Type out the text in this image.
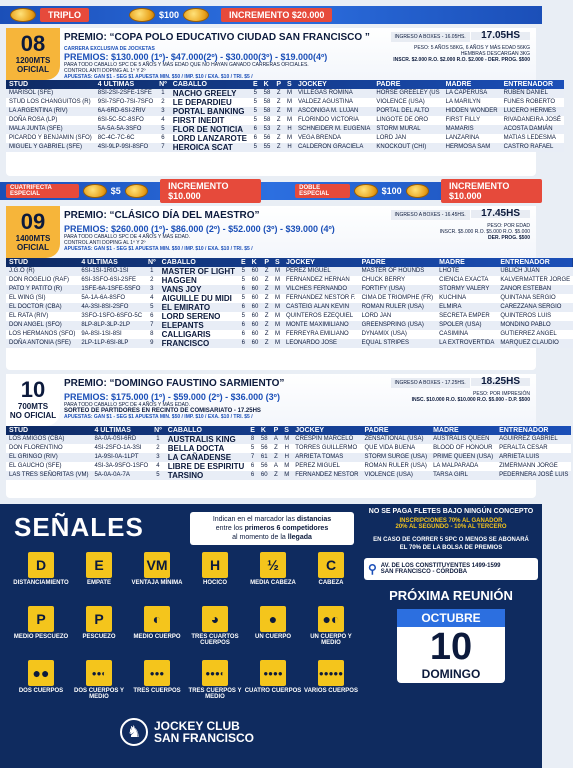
TRIPLO	$100	INCREMENTO $20.000
08
1200MTS
OFICIAL
PREMIO: “COPA POLO EDUCATIVO CIUDAD SAN FRANCISCO ”
CARRERA EXCLUSIVA DE JOCKETAS
PREMIOS: $130.000 (1º)- $47.000(2º) - $30.000(3º) - $19.000(4º)
PARA TODO CABALLO SPC DE 5 AÑOS Y MÁS EDAD QUE NO HAYAN GANADO CARRERAS OFICIALES.
CONTROL ANTI DOPING AL 1º Y 2º
APUESTAS: GAN $1 - SEG $1 APUESTA MIN. $50 / IMP. $10 / EXA. $10 / TRI. $5 /
INGRESO A BOXES - 16.05HS. 17.05HS
PESO: 5 AÑOS 58KG, 6 AÑOS Y MÁS EDAD 56KG
HEMBRAS DESCARGAN 3KG
INSCR. $2.000 R.O. $2.000 R.O. $2.000 - DER. PROG. $500
STUD	4 ULTIMAS	Nº	CABALLO	E	K	P	S	JOCKEY	PADRE	MADRE	ENTRENADOR
MARISOL (SFE)	8SI-2SI-2SFE-1SFE	1	NACHO GREELY	5	58	Z	M	VILLEGAS ROMINA	HORSE GREELEY (US	LA CAPERUSA	RUBEN DANIEL
STUD LOS CHANGUITOS (R)	9SI-7SFO-7SI-7SFO	2	LE DEPARDIEU	5	58	Z	M	VALDEZ AGUSTINA	VIOLENCE (USA)	LA MARILYN	FUNES ROBERTO
LA ARGENTINA (RIV)	6A-6RD-6SI-2RIV	3	PORTAL BANKING	5	58	Z	M	ASCONIGA M. LUJAN	PORTAL DEL ALTO	HIDDEN WONDER	LUCERO HERMES
DOÑA ROSA (LP)	6SI-5C-5C-8SFO	4	FIRST INEDIT	5	58	Z	M	FLORINDO VICTORIA	LINGOTE DE ORO	FIRST FILLY	RIVADANEIRA JOSÉ
MALA JUNTA (SFE)	5A-5A-5A-3SFO	5	FLOR DE NOTICIA	6	53	Z	H	SCHNEIDER M. EUGENIA	STORM MURAL	MAMARIS	ACOSTA DAMIÁN
PICARDO Y BENJAMIN (SFO)	8C-4C-7C-6C	6	LORD LANZAROTE	6	56	Z	M	VEGA BRENDA	LORD JAN	LANZARINA	MATIAS LEDESMA
MIGUEL Y GABRIEL (SFE)	4SI-9LP-9SI-8SFO	7	HEROICA SCAT	5	55	Z	H	CALDERON GRACIELA	KNOCKOUT (CHI)	HERMOSA SAM	CASTRO RAFAEL
CUATRIFECTA ESPECIAL	$5	INCREMENTO $10.000
DOBLE ESPECIAL	$100	INCREMENTO $10.000
09
1400MTS
OFICIAL
PREMIO: “CLÁSICO DÍA DEL MAESTRO”
PREMIOS: $260.000 (1º)- $86.000 (2º) - $52.000 (3º) - $39.000 (4º)
PARA TODO CABALLO SPC DE 4 AÑOS Y MÁS EDAD.
CONTROL ANTI DOPING AL 1º Y 2º
APUESTAS: GAN $1 - SEG $1 APUESTA MIN. $50 / IMP. $10 / EXA. $10 / TRI. $5 /
INGRESO A BOXES - 16.45HS. 17.45HS
PESO: POR EDAD
INSCR. $5.000 R.O. $5.000 R.O. $5.000
DER. PROG. $500
STUD	4 ULTIMAS	Nº	CABALLO	E	K	P	S	JOCKEY	PADRE	MADRE	ENTRENADOR
J.G.O (R)	6SI-1SI-1RIO-1SI	1	MASTER OF LIGHT	5	60	Z	M	PEREZ MIGUEL	MASTER OF HOUNDS	LHOTE	UBLICH JUAN
DON ROGELIO (RAF)	6SI-3SFO-6SI-2SFE	2	HAGGEN	5	60	Z	M	FERNANDEZ HERNAN	CHUCK BERRY	CIENCIA EXACTA	KALVERMATTER JORGE
PATO Y PATITO (R)	1SFE-6A-1SFE-5SFO	3	VANS JOY	6	60	Z	M	VILCHES FERNANDO	FORTIFY (USA)	STORMY VALERY	ZANOR ESTEBAN
EL WING (SI)	5A-1A-6A-8SFO	4	AIGUILLE DU MIDI	5	60	Z	M	FERNANDEZ NESTOR F.	CIMA DE TRIOMPHE (FR)	KUCHINA	QUINTANA SERGIO
EL DOCTOR (CBA)	4A-3SI-8SI-2SFO	5	EL EMIRATO	6	60	Z	M	CASTEIG ALAN KEVIN	ROMAN RULER (USA)	ELMIRA	CAREZZANA SERGIO
EL RATA (RIV)	3SFO-1SFO-6SFO-5C	6	LORD SERENO	5	60	Z	M	QUINTEROS EZEQUIEL	LORD JAN	SECRETA EMPER	QUINTEROS LUIS
DON ANGEL (SFO)	8LP-8LP-3LP-2LP	7	ELEPANTS	6	60	Z	M	MONTE MAXIMILIANO	GREENSPRING (USA)	SPOLER (USA)	MONDINO PABLO
LOS HERMANOS (SFO)	9A-8SI-1SI-8SI	8	CALLIGARIS	6	60	Z	M	FERREYRA EMILIANO	DYNAMIX (USA)	CASIMINA	GUTIERREZ ANGEL
DOÑA ANTONIA (SFE)	2LP-1LP-6SI-8LP	9	FRANCISCO	6	60	Z	M	LEONARDO JOSE	EQUAL STRIPES	LA EXTROVERTIDA	MARQUEZ CLAUDIO
10
700MTS
NO OFICIAL
PREMIO: “DOMINGO FAUSTINO SARMIENTO”
PREMIOS: $175.000 (1º) - $59.000 (2º) - $36.000 (3º)
PARA TODO CABALLO SPC DE 4 AÑOS Y MÁS EDAD.
SORTEO DE PARTIDORES EN RECINTO DE COMISARIATO - 17.25HS
APUESTAS: GAN $1 - SEG $1 APUESTA MIN. $50 / IMP. $10 / EXA. $10 / TRI. $5 /
INGRESO A BOXES - 17.25HS. 18.25HS
PESO: POR IMPRESIÓN
INSC. $10.000 R.O. $10.000 R.O. $5.000 - D.P. $500
STUD	4 ULTIMAS	Nº	CABALLO	E	K	P	S	JOCKEY	PADRE	MADRE	ENTRENADOR
LOS AMIGOS (CBA)	8A-0A-0SI-6RD	1	AUSTRALIS KING	8	58	A	M	CRESPIN MARCELO	ZENSATIONAL (USA)	AUSTRALIS QUEEN	AGUIRREZ GABRIEL
DON FLORENTINO	4SI-2SFO-1A-3SI	2	BELLA DOCTA	5	56	Z	H	TORRES GUILLERMO	QUE VIDA BUENA	BLOOD OF HONOUR	PERALTA CESAR
EL GRINGO (RIV)	1A-9SI-0A-1LPT	3	LA CAÑADENSE	7	61	Z	H	ARRIETA TOMAS	STORM SURGE (USA)	PRIME QUEEN (USA)	ARRIETA LUIS
EL GAUCHO (SFE)	4SI-3A-9SFO-1SFO	4	LIBRE DE ESPIRITU	6	56	A	M	PEREZ MIGUEL	ROMAN RULER (USA)	LA MALPARADA	ZIMERMANN JORGE
LAS TRES SEÑORITAS (VM)	5A-0A-0A-7A	5	TARSINO	6	60	Z	M	FERNANDEZ NESTOR	VIOLENCE (USA)	TARSA GIRL	PEDERNERA JOSÉ LUIS
SEÑALES	Indican en el marcador las distancias
entre los primeros 6 competidores
al momento de la llegada
D
DISTANCIAMIENTO
E
EMPATE
VM
VENTAJA MÍNIMA
H
HOCICO
½
MEDIA CABEZA
C
CABEZA
P
MEDIO PESCUEZO
P
PESCUEZO
◐
MEDIO CUERPO
◕
TRES CUARTOS CUERPOS
●
UN CUERPO
●◐
UN CUERPO Y MEDIO
●●
DOS CUERPOS
●●◐
DOS CUERPOS Y MEDIO
●●●
TRES CUERPOS
●●●◐
TRES CUERPOS Y MEDIO
●●●●
CUATRO CUERPOS
●●●●●
VARIOS CUERPOS
♞	JOCKEY CLUB
SAN FRANCISCO
NO SE PAGA FLETES BAJO NINGÚN CONCEPTO
INSCRIPCIONES 70% AL GANADOR
20% AL SEGUNDO - 10% AL TERCERO
EN CASO DE CORRER 5 SPC O MENOS SE ABONARÁ EL 70% DE LA BOLSA DE PREMIOS
⚲ AV. DE LOS CONSTITUYENTES 1499-1599
SAN FRANCISCO - CÓRDOBA
PRÓXIMA REUNIÓN
OCTUBRE
10
DOMINGO
